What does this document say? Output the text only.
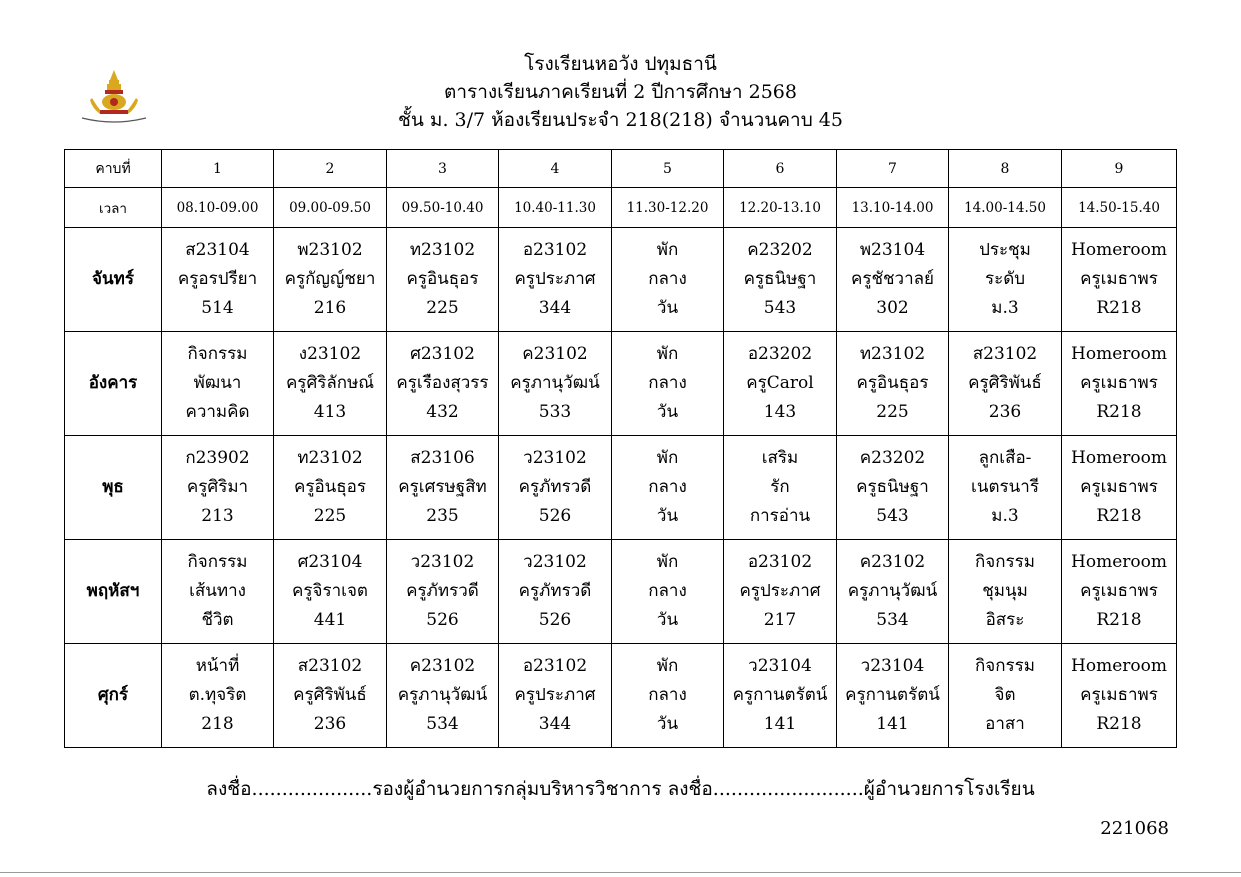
โรงเรียนหอวัง ปทุมธานี
ตารางเรียนภาคเรียนที่ 2 ปีการศึกษา 2568
ชั้น ม. 3/7 ห้องเรียนประจำ 218(218) จำนวนคาบ 45
คาบที่	1	2	3	4	5	6	7	8	9
เวลา	08.10-09.00	09.00-09.50	09.50-10.40	10.40-11.30	11.30-12.20	12.20-13.10	13.10-14.00	14.00-14.50	14.50-15.40
จันทร์	ส23104
ครูอรปรียา
514	พ23102
ครูกัญญ์ชยา
216	ท23102
ครูอินธุอร
225	อ23102
ครูประภาศ
344	พัก
กลาง
วัน	ค23202
ครูธนิษฐา
543	พ23104
ครูชัชวาลย์
302	ประชุม
ระดับ
ม.3	Homeroom
ครูเมธาพร
R218

อังคาร	กิจกรรม
พัฒนา
ความคิด	ง23102
ครูศิริลักษณ์
413	ศ23102
ครูเรืองสุวรร
432	ค23102
ครูภานุวัฒน์
533	พัก
กลาง
วัน	อ23202
ครูCarol
143	ท23102
ครูอินธุอร
225	ส23102
ครูศิริพันธ์
236	Homeroom
ครูเมธาพร
R218

พุธ	ก23902
ครูศิริมา
213	ท23102
ครูอินธุอร
225	ส23106
ครูเศรษฐสิท
235	ว23102
ครูภัทรวดี
526	พัก
กลาง
วัน	เสริม
รัก
การอ่าน	ค23202
ครูธนิษฐา
543	ลูกเสือ-
เนตรนารี
ม.3	Homeroom
ครูเมธาพร
R218

พฤหัสฯ	กิจกรรม
เส้นทาง
ชีวิต	ศ23104
ครูจิราเจต
441	ว23102
ครูภัทรวดี
526	ว23102
ครูภัทรวดี
526	พัก
กลาง
วัน	อ23102
ครูประภาศ
217	ค23102
ครูภานุวัฒน์
534	กิจกรรม
ชุมนุม
อิสระ	Homeroom
ครูเมธาพร
R218

ศุกร์	หน้าที่
ต.ทุจริต
218	ส23102
ครูศิริพันธ์
236	ค23102
ครูภานุวัฒน์
534	อ23102
ครูประภาศ
344	พัก
กลาง
วัน	ว23104
ครูกานตรัตน์
141	ว23104
ครูกานตรัตน์
141	กิจกรรม
จิต
อาสา	Homeroom
ครูเมธาพร
R218
ลงชื่อ....................รองผู้อำนวยการกลุ่มบริหารวิชาการ ลงชื่อ.........................ผู้อำนวยการโรงเรียน
221068
